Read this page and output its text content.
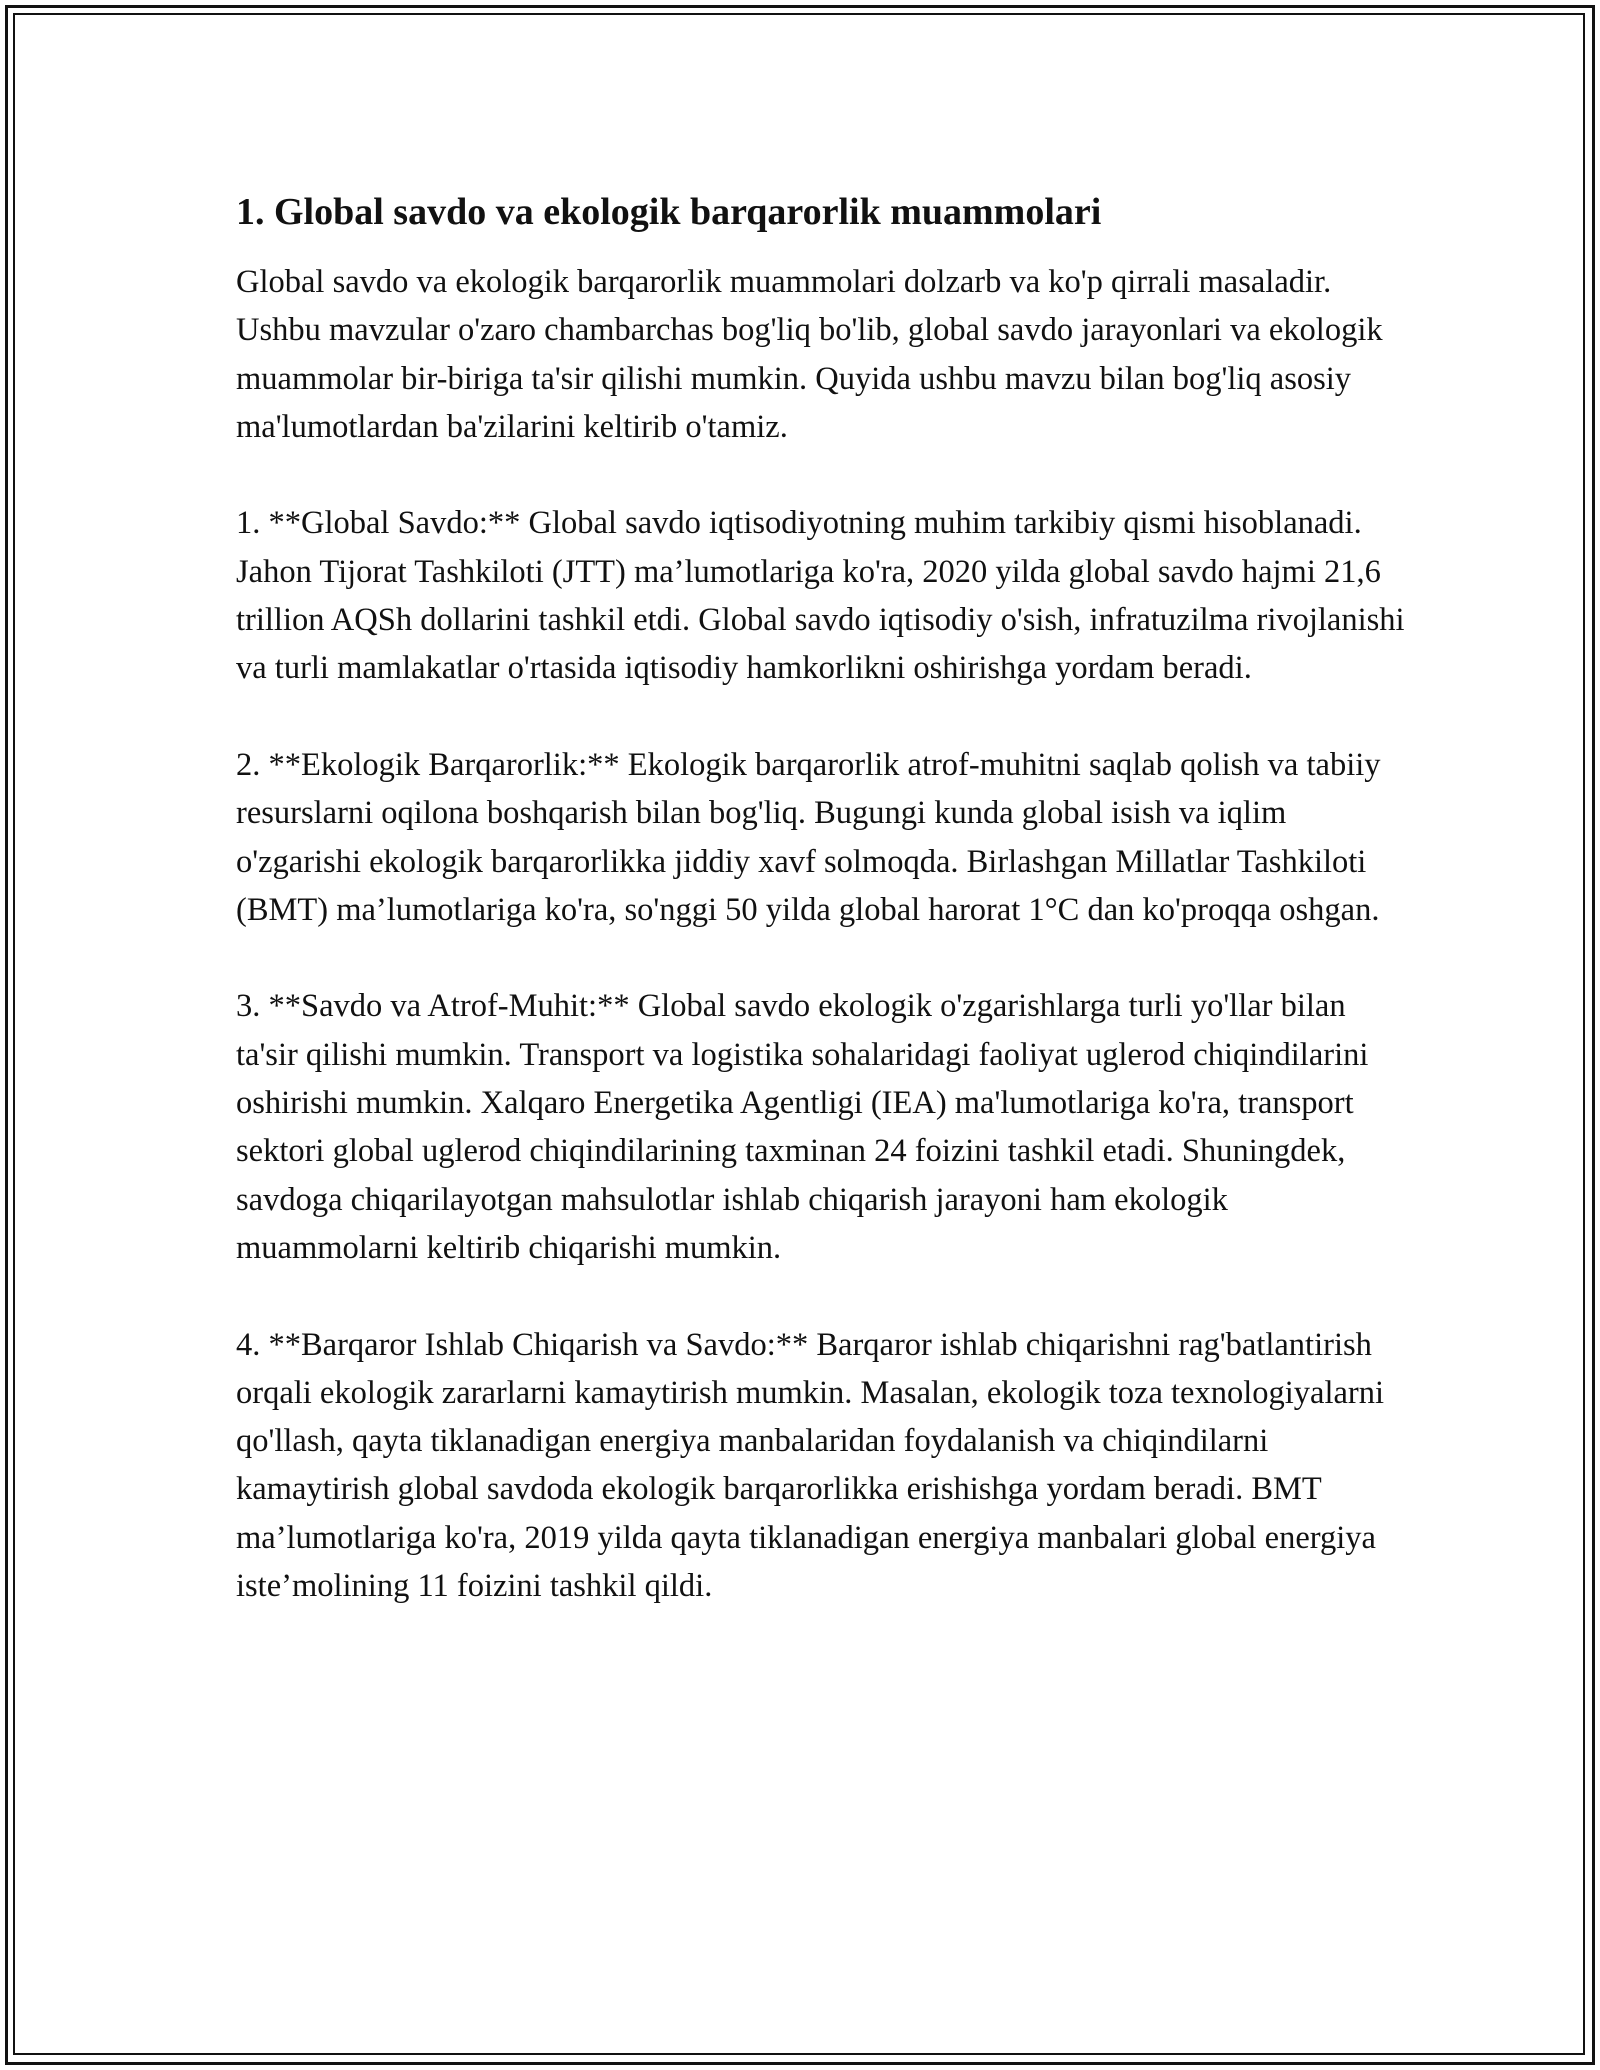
1. Global savdo va ekologik barqarorlik muammolari

Global savdo va ekologik barqarorlik muammolari dolzarb va ko'p qirrali masaladir. Ushbu mavzular o'zaro chambarchas bog'liq bo'lib, global savdo jarayonlari va ekologik muammolar bir-biriga ta'sir qilishi mumkin. Quyida ushbu mavzu bilan bog'liq asosiy ma'lumotlardan ba'zilarini keltirib o'tamiz.

1. **Global Savdo:** Global savdo iqtisodiyotning muhim tarkibiy qismi hisoblanadi. Jahon Tijorat Tashkiloti (JTT) ma’lumotlariga ko'ra, 2020 yilda global savdo hajmi 21,6 trillion AQSh dollarini tashkil etdi. Global savdo iqtisodiy o'sish, infratuzilma rivojlanishi va turli mamlakatlar o'rtasida iqtisodiy hamkorlikni oshirishga yordam beradi.

2. **Ekologik Barqarorlik:** Ekologik barqarorlik atrof-muhitni saqlab qolish va tabiiy resurslarni oqilona boshqarish bilan bog'liq. Bugungi kunda global isish va iqlim o'zgarishi ekologik barqarorlikka jiddiy xavf solmoqda. Birlashgan Millatlar Tashkiloti (BMT) ma’lumotlariga ko'ra, so'nggi 50 yilda global harorat 1°C dan ko'proqqa oshgan.

3. **Savdo va Atrof-Muhit:** Global savdo ekologik o'zgarishlarga turli yo'llar bilan ta'sir qilishi mumkin. Transport va logistika sohalaridagi faoliyat uglerod chiqindilarini oshirishi mumkin. Xalqaro Energetika Agentligi (IEA) ma'lumotlariga ko'ra, transport sektori global uglerod chiqindilarining taxminan 24 foizini tashkil etadi. Shuningdek, savdoga chiqarilayotgan mahsulotlar ishlab chiqarish jarayoni ham ekologik muammolarni keltirib chiqarishi mumkin.

4. **Barqaror Ishlab Chiqarish va Savdo:** Barqaror ishlab chiqarishni rag'batlantirish orqali ekologik zararlarni kamaytirish mumkin. Masalan, ekologik toza texnologiyalarni qo'llash, qayta tiklanadigan energiya manbalaridan foydalanish va chiqindilarni kamaytirish global savdoda ekologik barqarorlikka erishishga yordam beradi. BMT ma’lumotlariga ko'ra, 2019 yilda qayta tiklanadigan energiya manbalari global energiya iste’molining 11 foizini tashkil qildi.
